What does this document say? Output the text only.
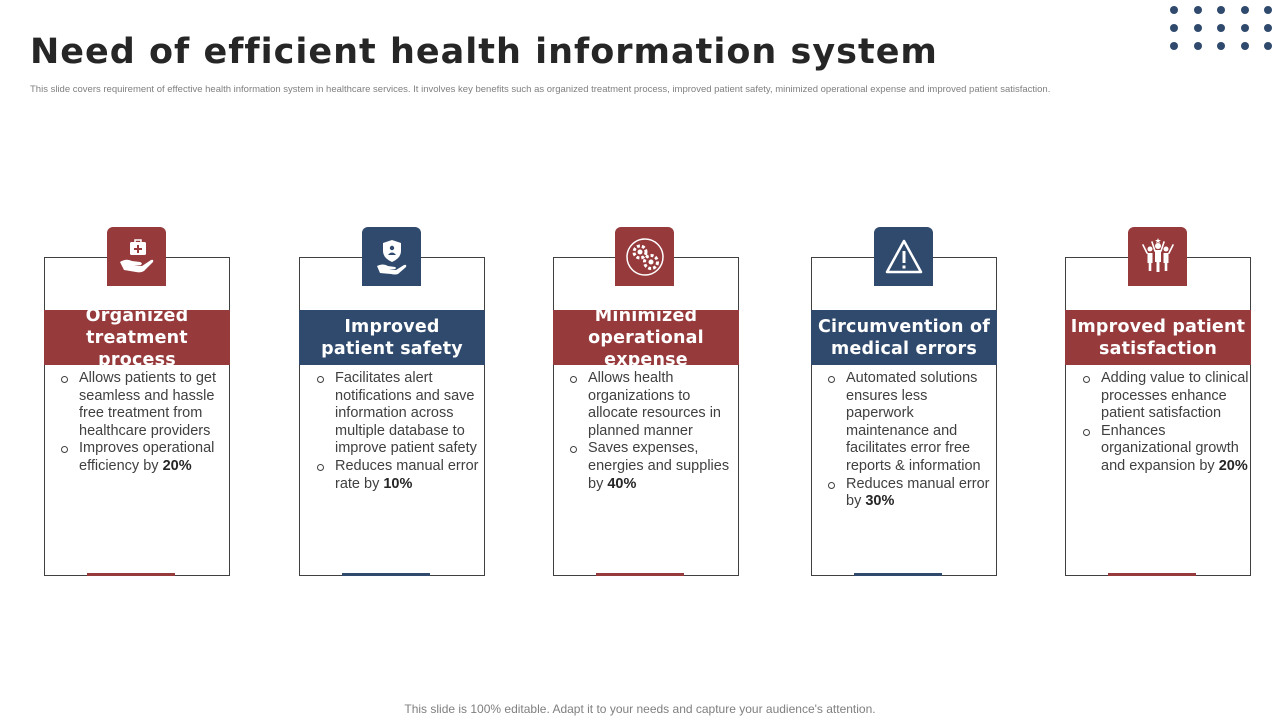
Need of efficient health information system
This slide covers requirement of effective health information system in healthcare services. It involves key benefits such as organized treatment process, improved patient safety, minimized operational expense and improved patient satisfaction.
Organized
treatment process
Allows patients to get seamless and hassle free treatment from healthcare providers
Improves operational efficiency by 20%
Improved
patient safety
Facilitates alert notifications and save information across multiple database to improve patient safety
Reduces manual error rate by 10%
Minimized
operational expense
Allows health organizations to allocate resources in planned manner
Saves expenses, energies and supplies by 40%
Circumvention of
medical errors
Automated solutions ensures less paperwork maintenance and facilitates error free reports & information
Reduces manual error by 30%
Improved patient
satisfaction
Adding value to clinical processes enhance patient satisfaction
Enhances organizational growth and expansion by 20%
This slide is 100% editable. Adapt it to your needs and capture your audience's attention.
